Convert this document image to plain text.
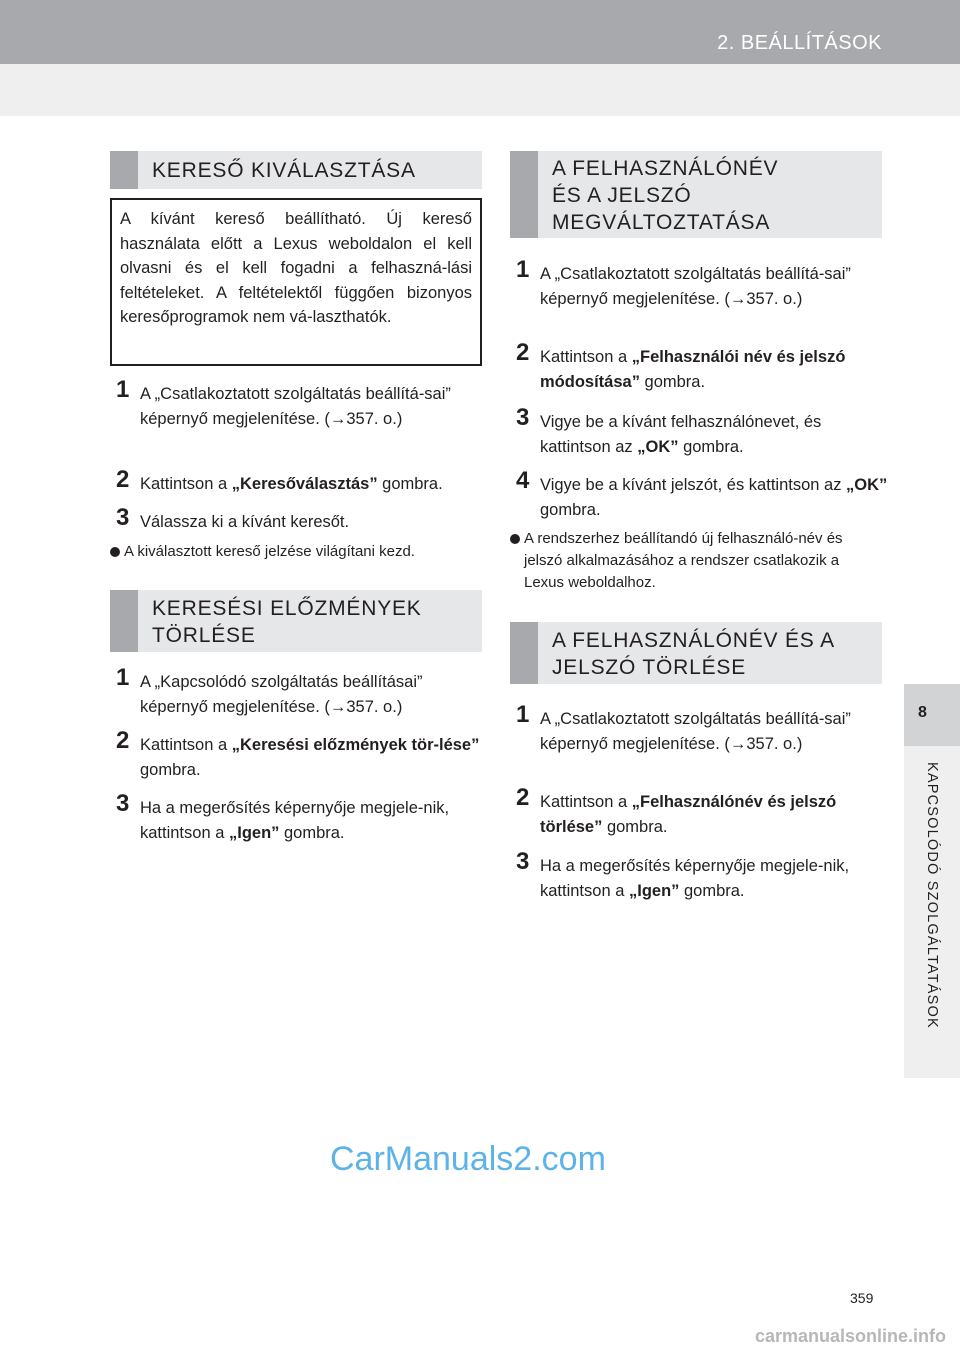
2. BEÁLLÍTÁSOK
8
KAPCSOLÓDÓ SZOLGÁLTATÁSOK
KERESŐ KIVÁLASZTÁSA
A kívánt kereső beállítható. Új kereső használata előtt a Lexus weboldalon el kell olvasni és el kell fogadni a felhaszná-lási feltételeket. A feltételektől függően bizonyos keresőprogramok nem vá-laszthatók.
1 A „Csatlakoztatott szolgáltatás beállítá-sai” képernyő megjelenítése. (→357. o.)
2 Kattintson a „Keresőválasztás” gombra.
3 Válassza ki a kívánt keresőt.
A kiválasztott kereső jelzése világítani kezd.
KERESÉSI ELŐZMÉNYEK
TÖRLÉSE
1 A „Kapcsolódó szolgáltatás beállításai” képernyő megjelenítése. (→357. o.)
2 Kattintson a „Keresési előzmények tör-lése” gombra.
3 Ha a megerősítés képernyője megjele-nik, kattintson a „Igen” gombra.
A FELHASZNÁLÓNÉV
ÉS A JELSZÓ
MEGVÁLTOZTATÁSA
1 A „Csatlakoztatott szolgáltatás beállítá-sai” képernyő megjelenítése. (→357. o.)
2 Kattintson a „Felhasználói név és jelszó módosítása” gombra.
3 Vigye be a kívánt felhasználónevet, és kattintson az „OK” gombra.
4 Vigye be a kívánt jelszót, és kattintson az „OK” gombra.
A rendszerhez beállítandó új felhasználó-név és jelszó alkalmazásához a rendszer csatlakozik a Lexus weboldalhoz.
A FELHASZNÁLÓNÉV ÉS A
JELSZÓ TÖRLÉSE
1 A „Csatlakoztatott szolgáltatás beállítá-sai” képernyő megjelenítése. (→357. o.)
2 Kattintson a „Felhasználónév és jelszó törlése” gombra.
3 Ha a megerősítés képernyője megjele-nik, kattintson a „Igen” gombra.
CarManuals2.com
359
carmanualsonline.info
